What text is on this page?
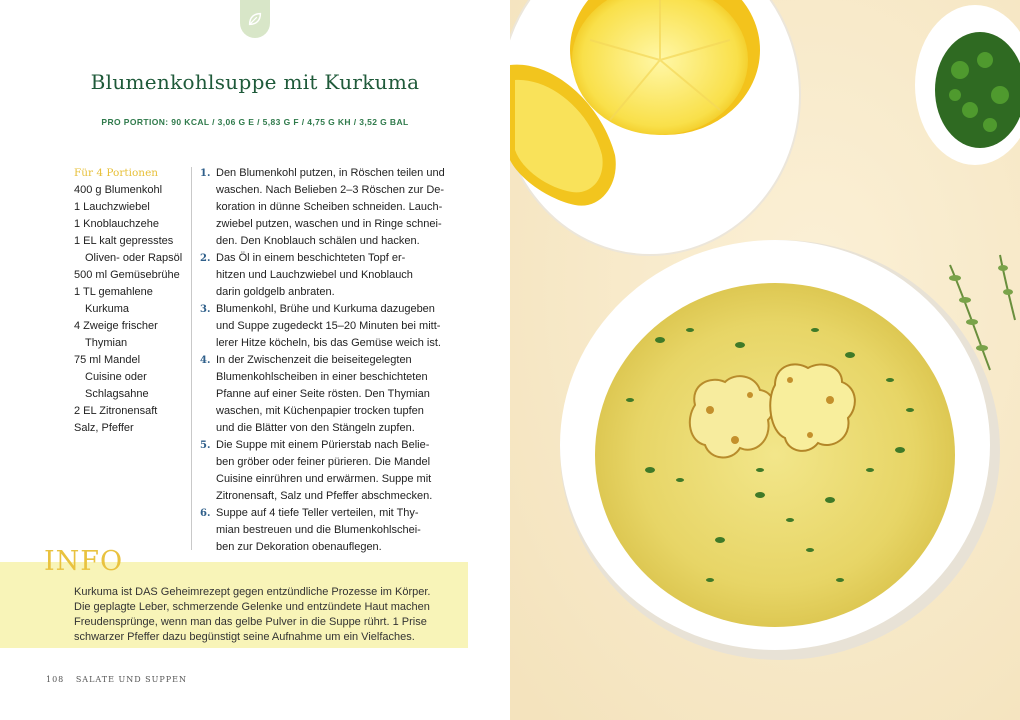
Blumenkohlsuppe mit Kurkuma
PRO PORTION: 90 KCAL / 3,06 G E / 5,83 G F / 4,75 G KH / 3,52 G BAL
Für 4 Portionen
400 g Blumenkohl
1 Lauchzwiebel
1 Knoblauchzehe
1 EL kalt gepresstes
Oliven- oder Rapsöl
500 ml Gemüsebrühe
1 TL gemahlene
Kurkuma
4 Zweige frischer
Thymian
75 ml Mandel
Cuisine oder
Schlagsahne
2 EL Zitronensaft
Salz, Pfeffer
1. Den Blumenkohl putzen, in Röschen teilen und
waschen. Nach Belieben 2–3 Röschen zur De-
koration in dünne Scheiben schneiden. Lauch-
zwiebel putzen, waschen und in Ringe schnei-
den. Den Knoblauch schälen und hacken.
2. Das Öl in einem beschichteten Topf er-
hitzen und Lauchzwiebel und Knoblauch
darin goldgelb anbraten.
3. Blumenkohl, Brühe und Kurkuma dazugeben
und Suppe zugedeckt 15–20 Minuten bei mitt-
lerer Hitze köcheln, bis das Gemüse weich ist.
4. In der Zwischenzeit die beiseitegelegten
Blumenkohlscheiben in einer beschichteten
Pfanne auf einer Seite rösten. Den Thymian
waschen, mit Küchenpapier trocken tupfen
und die Blätter von den Stängeln zupfen.
5. Die Suppe mit einem Pürierstab nach Belie-
ben gröber oder feiner pürieren. Die Mandel
Cuisine einrühren und erwärmen. Suppe mit
Zitronensaft, Salz und Pfeffer abschmecken.
6. Suppe auf 4 tiefe Teller verteilen, mit Thy-
mian bestreuen und die Blumenkohlschei-
ben zur Dekoration obenauflegen.
INFO
Kurkuma ist DAS Geheimrezept gegen entzündliche Prozesse im Körper.
Die geplagte Leber, schmerzende Gelenke und entzündete Haut machen
Freudensprünge, wenn man das gelbe Pulver in die Suppe rührt. 1 Prise
schwarzer Pfeffer dazu begünstigt seine Aufnahme um ein Vielfaches.
108 SALATE UND SUPPEN
